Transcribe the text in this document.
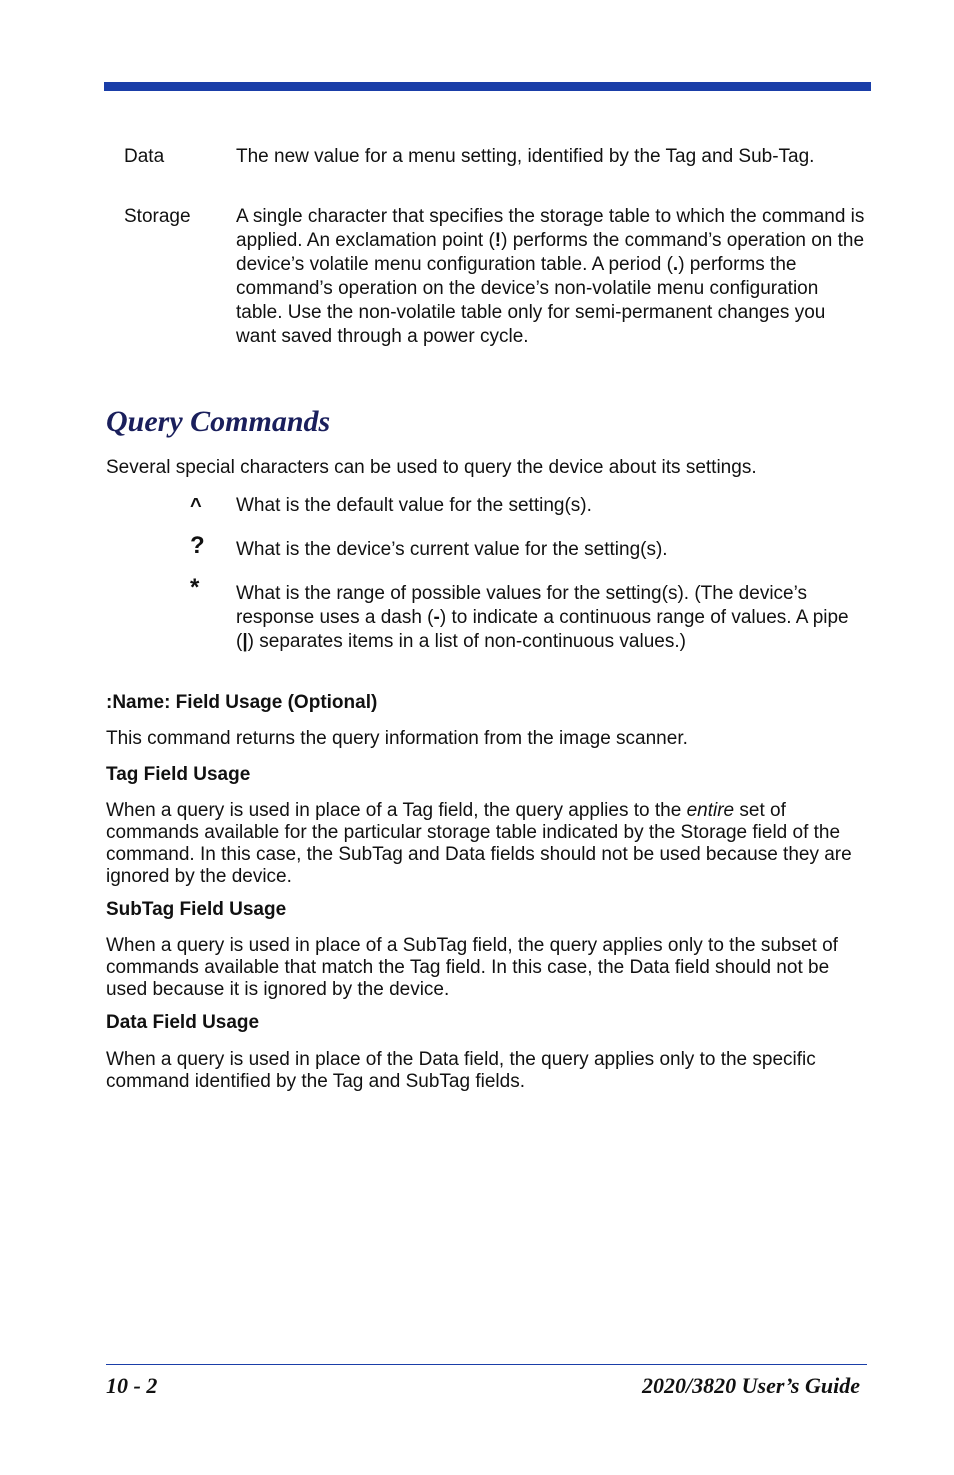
Data	The new value for a menu setting, identified by the Tag and Sub-Tag.
Storage	A single character that specifies the storage table to which the command is applied. An exclamation point (!) performs the command’s operation on the device’s volatile menu configuration table. A period (.) performs the command’s operation on the device’s non-volatile menu configuration table. Use the non-volatile table only for semi-permanent changes you want saved through a power cycle.
Query Commands
Several special characters can be used to query the device about its settings.
^	What is the default value for the setting(s).
?	What is the device’s current value for the setting(s).
*	What is the range of possible values for the setting(s). (The device’s response uses a dash (-) to indicate a continuous range of values. A pipe (|) separates items in a list of non-continuous values.)
:Name: Field Usage (Optional)
This command returns the query information from the image scanner.
Tag Field Usage
When a query is used in place of a Tag field, the query applies to the entire set of commands available for the particular storage table indicated by the Storage field of the command. In this case, the SubTag and Data fields should not be used because they are ignored by the device.
SubTag Field Usage
When a query is used in place of a SubTag field, the query applies only to the subset of commands available that match the Tag field. In this case, the Data field should not be used because it is ignored by the device.
Data Field Usage
When a query is used in place of the Data field, the query applies only to the specific command identified by the Tag and SubTag fields.
10 - 2	2020/3820 User’s Guide
